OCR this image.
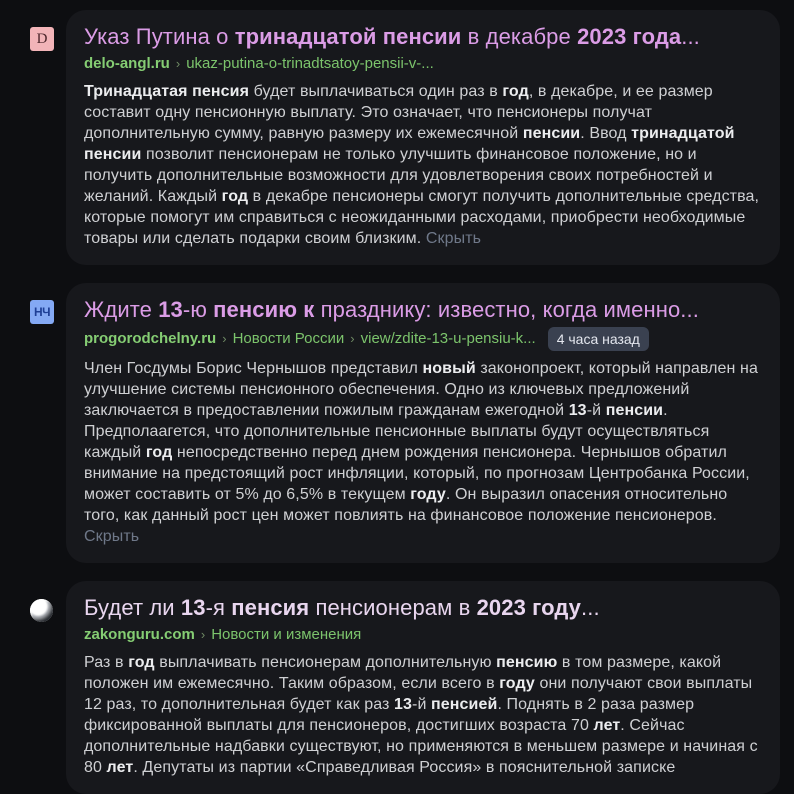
D Указ Путина о тринадцатой пенсии в декабре 2023 года...
delo-angl.ru › ukaz-putina-o-trinadtsatoy-pensii-v-...
Тринадцатая пенсия будет выплачиваться один раз в год, в декабре, и ее размер составит одну пенсионную выплату. Это означает, что пенсионеры получат дополнительную сумму, равную размеру их ежемесячной пенсии. Ввод тринадцатой пенсии позволит пенсионерам не только улучшить финансовое положение, но и получить дополнительные возможности для удовлетворения своих потребностей и желаний. Каждый год в декабре пенсионеры смогут получить дополнительные средства, которые помогут им справиться с неожиданными расходами, приобрести необходимые товары или сделать подарки своим близким. Скрыть
НЧ Ждите 13-ю пенсию к празднику: известно, когда именно...
progorodchelny.ru › Новости России › view/zdite-13-u-pensiu-k...	4 часа назад
Член Госдумы Борис Чернышов представил новый законопроект, который направлен на улучшение системы пенсионного обеспечения. Одно из ключевых предложений заключается в предоставлении пожилым гражданам ежегодной 13-й пенсии. Предполаагется, что дополнительные пенсионные выплаты будут осуществляться каждый год непосредственно перед днем рождения пенсионера. Чернышов обратил внимание на предстоящий рост инфляции, который, по прогнозам Центробанка России, может составить от 5% до 6,5% в текущем году. Он выразил опасения относительно того, как данный рост цен может повлиять на финансовое положение пенсионеров. Скрыть
Будет ли 13-я пенсия пенсионерам в 2023 году...
zakonguru.com › Новости и изменения
Раз в год выплачивать пенсионерам дополнительную пенсию в том размере, какой положен им ежемесячно. Таким образом, если всего в году они получают свои выплаты 12 раз, то дополнительная будет как раз 13-й пенсией. Поднять в 2 раза размер фиксированной выплаты для пенсионеров, достигших возраста 70 лет. Сейчас дополнительные надбавки существуют, но применяются в меньшем размере и начиная с 80 лет. Депутаты из партии «Справедливая Россия» в пояснительной записке
